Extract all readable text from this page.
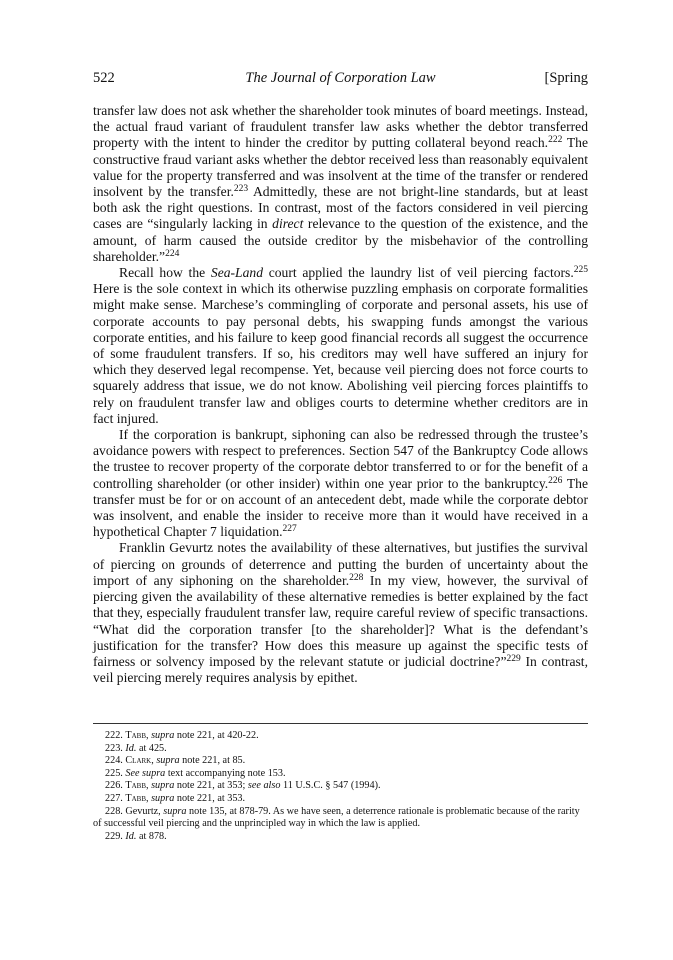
522	The Journal of Corporation Law	[Spring

transfer law does not ask whether the shareholder took minutes of board meetings. Instead, the actual fraud variant of fraudulent transfer law asks whether the debtor transferred property with the intent to hinder the creditor by putting collateral beyond reach.$^{222}$ The constructive fraud variant asks whether the debtor received less than reasonably equivalent value for the property transferred and was insolvent at the time of the transfer or rendered insolvent by the transfer.$^{223}$ Admittedly, these are not bright-line standards, but at least both ask the right questions. In contrast, most of the factors considered in veil piercing cases are “singularly lacking in direct relevance to the question of the existence, and the amount, of harm caused the outside creditor by the misbehavior of the controlling shareholder.”$^{224}$

Recall how the Sea-Land court applied the laundry list of veil piercing factors.$^{225}$ Here is the sole context in which its otherwise puzzling emphasis on corporate formalities might make sense. Marchese’s commingling of corporate and personal assets, his use of corporate accounts to pay personal debts, his swapping funds amongst the various corporate entities, and his failure to keep good financial records all suggest the occurrence of some fraudulent transfers. If so, his creditors may well have suffered an injury for which they deserved legal recompense. Yet, because veil piercing does not force courts to squarely address that issue, we do not know. Abolishing veil piercing forces plaintiffs to rely on fraudulent transfer law and obliges courts to determine whether creditors are in fact injured.

If the corporation is bankrupt, siphoning can also be redressed through the trustee’s avoidance powers with respect to preferences. Section 547 of the Bankruptcy Code allows the trustee to recover property of the corporate debtor transferred to or for the benefit of a controlling shareholder (or other insider) within one year prior to the bankruptcy.$^{226}$ The transfer must be for or on account of an antecedent debt, made while the corporate debtor was insolvent, and enable the insider to receive more than it would have received in a hypothetical Chapter 7 liquidation.$^{227}$

Franklin Gevurtz notes the availability of these alternatives, but justifies the survival of piercing on grounds of deterrence and putting the burden of uncertainty about the import of any siphoning on the shareholder.$^{228}$ In my view, however, the survival of piercing given the availability of these alternative remedies is better explained by the fact that they, especially fraudulent transfer law, require careful review of specific transactions. “What did the corporation transfer [to the shareholder]? What is the defendant’s justification for the transfer? How does this measure up against the specific tests of fairness or solvency imposed by the relevant statute or judicial doctrine?”$^{229}$ In contrast, veil piercing merely requires analysis by epithet.

222. Tabb, supra note 221, at 420-22.

223. Id. at 425.

224. Clark, supra note 221, at 85.

225. See supra text accompanying note 153.

226. Tabb, supra note 221, at 353; see also 11 U.S.C. § 547 (1994).

227. Tabb, supra note 221, at 353.

228. Gevurtz, supra note 135, at 878-79. As we have seen, a deterrence rationale is problematic because of the rarity of successful veil piercing and the unprincipled way in which the law is applied.

229. Id. at 878.
